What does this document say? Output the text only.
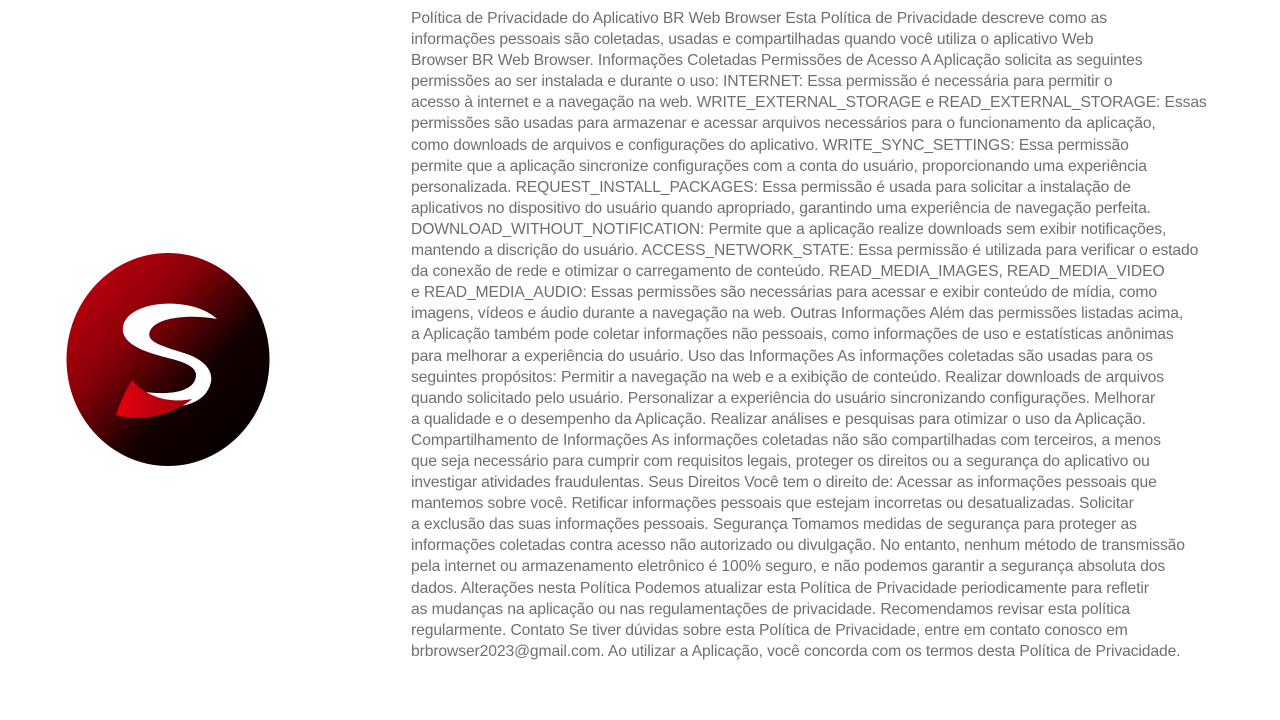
Política de Privacidade do Aplicativo BR Web Browser Esta Política de Privacidade descreve como as
informações pessoais são coletadas, usadas e compartilhadas quando você utiliza o aplicativo Web
Browser BR Web Browser. Informações Coletadas Permissões de Acesso A Aplicação solicita as seguintes
permissões ao ser instalada e durante o uso: INTERNET: Essa permissão é necessária para permitir o
acesso à internet e a navegação na web. WRITE_EXTERNAL_STORAGE e READ_EXTERNAL_STORAGE: Essas
permissões são usadas para armazenar e acessar arquivos necessários para o funcionamento da aplicação,
como downloads de arquivos e configurações do aplicativo. WRITE_SYNC_SETTINGS: Essa permissão
permite que a aplicação sincronize configurações com a conta do usuário, proporcionando uma experiência
personalizada. REQUEST_INSTALL_PACKAGES: Essa permissão é usada para solicitar a instalação de
aplicativos no dispositivo do usuário quando apropriado, garantindo uma experiência de navegação perfeita.
DOWNLOAD_WITHOUT_NOTIFICATION: Permite que a aplicação realize downloads sem exibir notificações,
mantendo a discrição do usuário. ACCESS_NETWORK_STATE: Essa permissão é utilizada para verificar o estado
da conexão de rede e otimizar o carregamento de conteúdo. READ_MEDIA_IMAGES, READ_MEDIA_VIDEO
e READ_MEDIA_AUDIO: Essas permissões são necessárias para acessar e exibir conteúdo de mídia, como
imagens, vídeos e áudio durante a navegação na web. Outras Informações Além das permissões listadas acima,
a Aplicação também pode coletar informações não pessoais, como informações de uso e estatísticas anônimas
para melhorar a experiência do usuário. Uso das Informações As informações coletadas são usadas para os
seguintes propósitos: Permitir a navegação na web e a exibição de conteúdo. Realizar downloads de arquivos
quando solicitado pelo usuário. Personalizar a experiência do usuário sincronizando configurações. Melhorar
a qualidade e o desempenho da Aplicação. Realizar análises e pesquisas para otimizar o uso da Aplicação.
Compartilhamento de Informações As informações coletadas não são compartilhadas com terceiros, a menos
que seja necessário para cumprir com requisitos legais, proteger os direitos ou a segurança do aplicativo ou
investigar atividades fraudulentas. Seus Direitos Você tem o direito de: Acessar as informações pessoais que
mantemos sobre você. Retificar informações pessoais que estejam incorretas ou desatualizadas. Solicitar
a exclusão das suas informações pessoais. Segurança Tomamos medidas de segurança para proteger as
informações coletadas contra acesso não autorizado ou divulgação. No entanto, nenhum método de transmissão
pela internet ou armazenamento eletrônico é 100% seguro, e não podemos garantir a segurança absoluta dos
dados. Alterações nesta Política Podemos atualizar esta Política de Privacidade periodicamente para refletir
as mudanças na aplicação ou nas regulamentações de privacidade. Recomendamos revisar esta política
regularmente. Contato Se tiver dúvidas sobre esta Política de Privacidade, entre em contato conosco em
brbrowser2023@gmail.com. Ao utilizar a Aplicação, você concorda com os termos desta Política de Privacidade.
